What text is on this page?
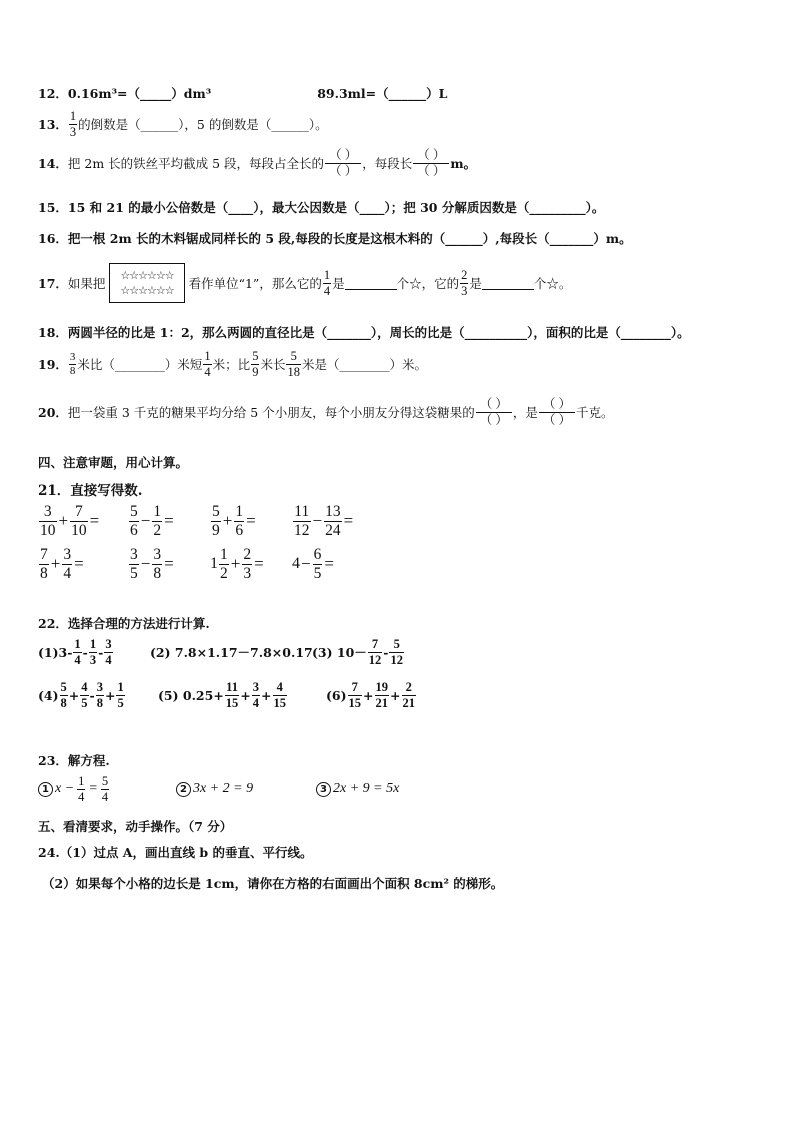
12． 0.16m³=（_____）dm³	89.3ml=（______）L
13． $\frac{1}{3}$ 的倒数是（______），5 的倒数是（______）。
14． 把 2m 长的铁丝平均截成 5 段，每段占全长的 $\frac{( )}{( )}$ ，每段长 $\frac{( )}{( )}$ m。
15． 15 和 21 的最小公倍数是（____），最大公因数是（____）；把 30 分解质因数是（_________）。
16． 把一根 2m 长的木料锯成同样长的 5 段,每段的长度是这根木料的（______）,每段长（_______）m。
17． 如果把
☆☆☆☆☆☆
☆☆☆☆☆☆	看作单位“1”，那么它的 $\frac{1}{4}$ 是	个☆，它的 $\frac{2}{3}$ 是	个☆。
18． 两圆半径的比是 1：2，那么两圆的直径比是（_______），周长的比是（__________），面积的比是（________）。
19． $\frac{3}{8}$ 米比（________）米短 $\frac{1}{4}$ 米；比 $\frac{5}{9}$ 米长 $\frac{5}{18}$ 米是（________）米。
20． 把一袋重 3 千克的糖果平均分给 5 个小朋友，每个小朋友分得这袋糖果的 $\frac{( )}{( )}$ ，是 $\frac{( )}{( )}$ 千克。
四、注意审题，用心计算。
21．直接写得数.
$\frac{3}{10} + \frac{7}{10} = \frac{5}{6} - \frac{1}{2} = \frac{5}{9} + \frac{1}{6} = \frac{11}{12} - \frac{13}{24}$ =
$\frac{7}{8} + \frac{3}{4}$ =	$\frac{3}{5} - \frac{3}{8} = 1 \frac{1}{2} + \frac{2}{3} = 4 - \frac{6}{5}$ =
22．选择合理的方法进行计算.
$(1)3- \frac{1}{4} - \frac{1}{3} - \frac{3}{4}$	(2) 7.8×1.17－7.8×0.17 (3) $10- \frac{7}{12} - \frac{5}{12}$
$(4) \frac{5}{8} + \frac{4}{5} - \frac{3}{8} + \frac{1}{5}$	(5) $0.25+ \frac{11}{15} + \frac{3}{4} + \frac{4}{15}$	$(6) \frac{7}{15} + \frac{19}{21} + \frac{2}{21}$
23．解方程.
1 $x - \frac{1}{4} = \frac{5}{4}$	2 3x + 2 = 9	3 2x + 9 = 5x
五、看清要求，动手操作。（7 分）
24.（1）过点 A，画出直线 b 的垂直、平行线。
（2）如果每个小格的边长是 1cm，请你在方格的右面画出个面积 8cm² 的梯形。
